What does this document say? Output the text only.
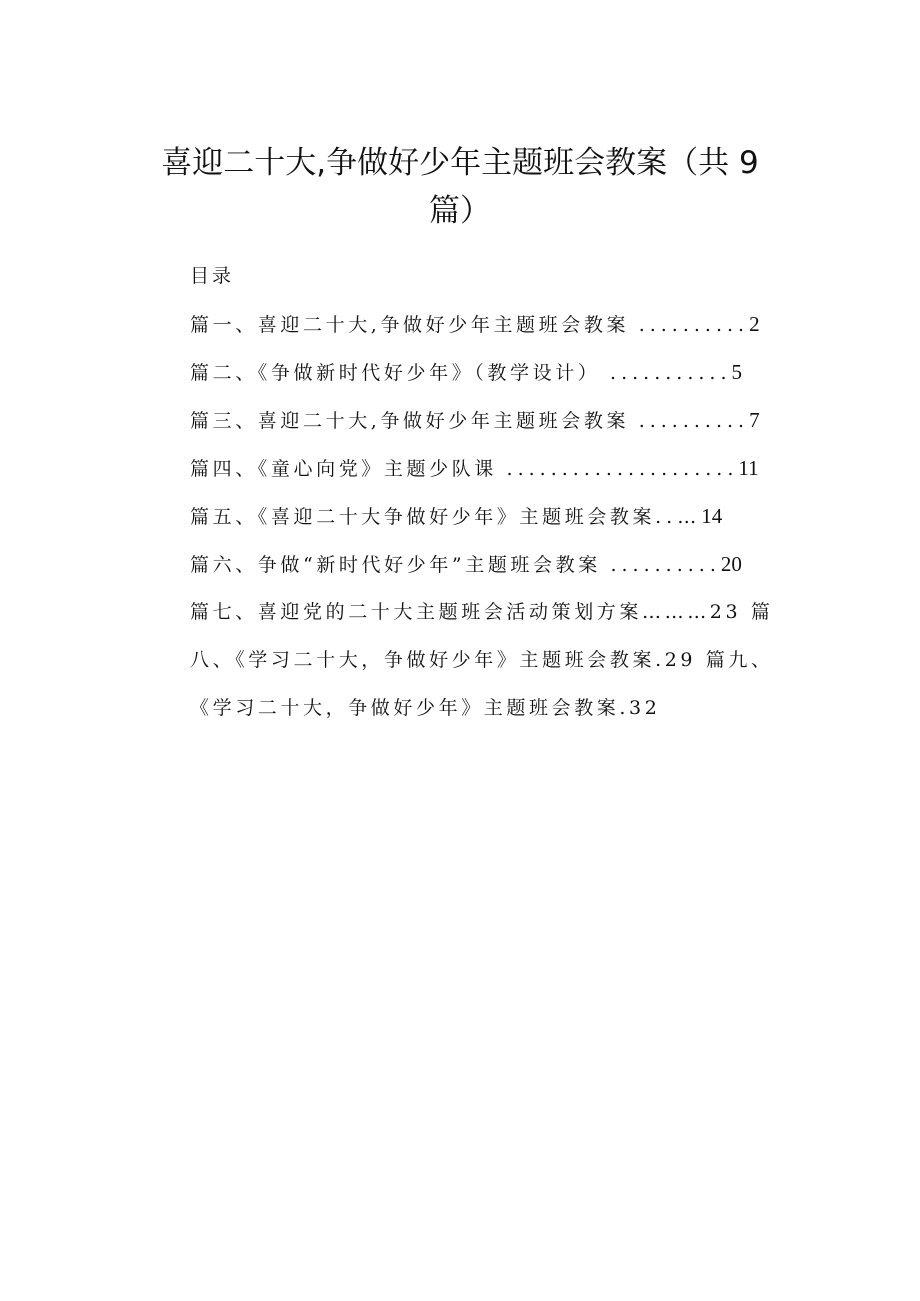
喜迎二十大,争做好少年主题班会教案（共 9
篇）
目录
篇一、喜迎二十大,争做好少年主题班会教案 ..........2
篇二、《争做新时代好少年》（教学设计） ...........5
篇三、喜迎二十大,争做好少年主题班会教案 ..........7
篇四、《童心向党》主题少队课 .....................11
篇五、《喜迎二十大争做好少年》主题班会教案..…14
篇六、争做“新时代好少年”主题班会教案 ..........20
篇七、喜迎党的二十大主题班会活动策划方案………23 篇
八、《学习二十大，争做好少年》主题班会教案.29 篇九、
《学习二十大，争做好少年》主题班会教案.32
